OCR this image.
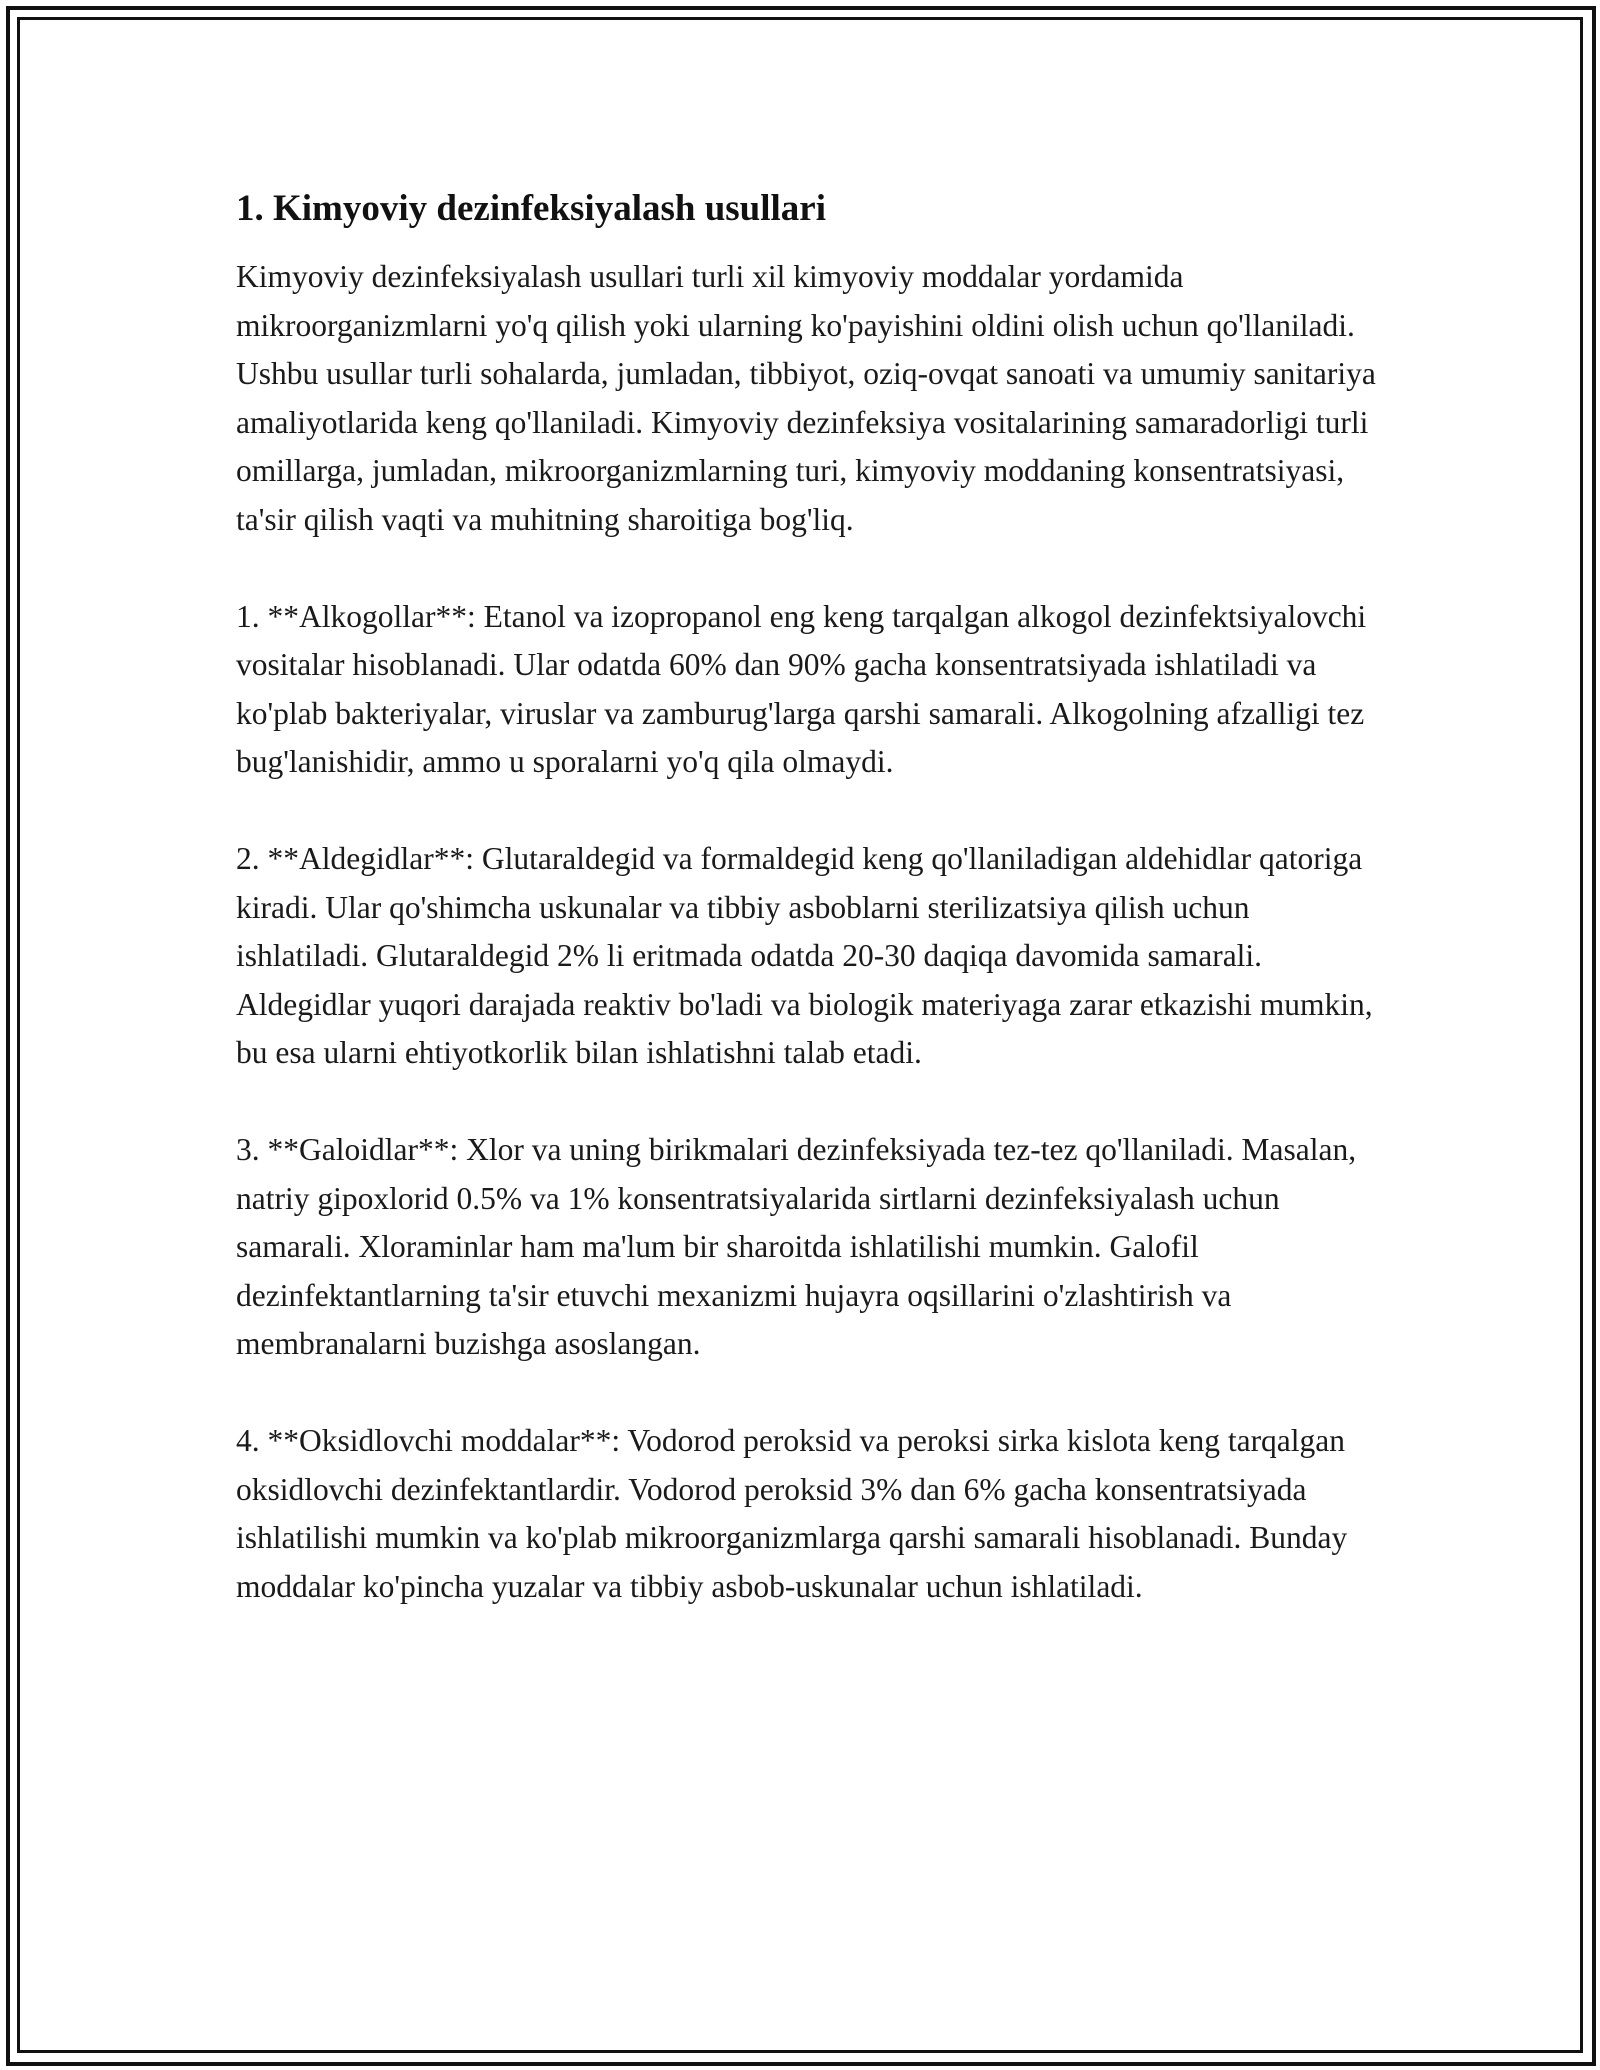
1. Kimyoviy dezinfeksiyalash usullari

Kimyoviy dezinfeksiyalash usullari turli xil kimyoviy moddalar yordamida mikroorganizmlarni yo'q qilish yoki ularning ko'payishini oldini olish uchun qo'llaniladi. Ushbu usullar turli sohalarda, jumladan, tibbiyot, oziq-ovqat sanoati va umumiy sanitariya amaliyotlarida keng qo'llaniladi. Kimyoviy dezinfeksiya vositalarining samaradorligi turli omillarga, jumladan, mikroorganizmlarning turi, kimyoviy moddaning konsentratsiyasi, ta'sir qilish vaqti va muhitning sharoitiga bog'liq.

1. **Alkogollar**: Etanol va izopropanol eng keng tarqalgan alkogol dezinfektsiyalovchi vositalar hisoblanadi. Ular odatda 60% dan 90% gacha konsentratsiyada ishlatiladi va ko'plab bakteriyalar, viruslar va zamburug'larga qarshi samarali. Alkogolning afzalligi tez bug'lanishidir, ammo u sporalarni yo'q qila olmaydi.

2. **Aldegidlar**: Glutaraldegid va formaldegid keng qo'llaniladigan aldehidlar qatoriga kiradi. Ular qo'shimcha uskunalar va tibbiy asboblarni sterilizatsiya qilish uchun ishlatiladi. Glutaraldegid 2% li eritmada odatda 20-30 daqiqa davomida samarali. Aldegidlar yuqori darajada reaktiv bo'ladi va biologik materiyaga zarar etkazishi mumkin, bu esa ularni ehtiyotkorlik bilan ishlatishni talab etadi.

3. **Galoidlar**: Xlor va uning birikmalari dezinfeksiyada tez-tez qo'llaniladi. Masalan, natriy gipoxlorid 0.5% va 1% konsentratsiyalarida sirtlarni dezinfeksiyalash uchun samarali. Xloraminlar ham ma'lum bir sharoitda ishlatilishi mumkin. Galofil dezinfektantlarning ta'sir etuvchi mexanizmi hujayra oqsillarini o'zlashtirish va membranalarni buzishga asoslangan.

4. **Oksidlovchi moddalar**: Vodorod peroksid va peroksi sirka kislota keng tarqalgan oksidlovchi dezinfektantlardir. Vodorod peroksid 3% dan 6% gacha konsentratsiyada ishlatilishi mumkin va ko'plab mikroorganizmlarga qarshi samarali hisoblanadi. Bunday moddalar ko'pincha yuzalar va tibbiy asbob-uskunalar uchun ishlatiladi.
